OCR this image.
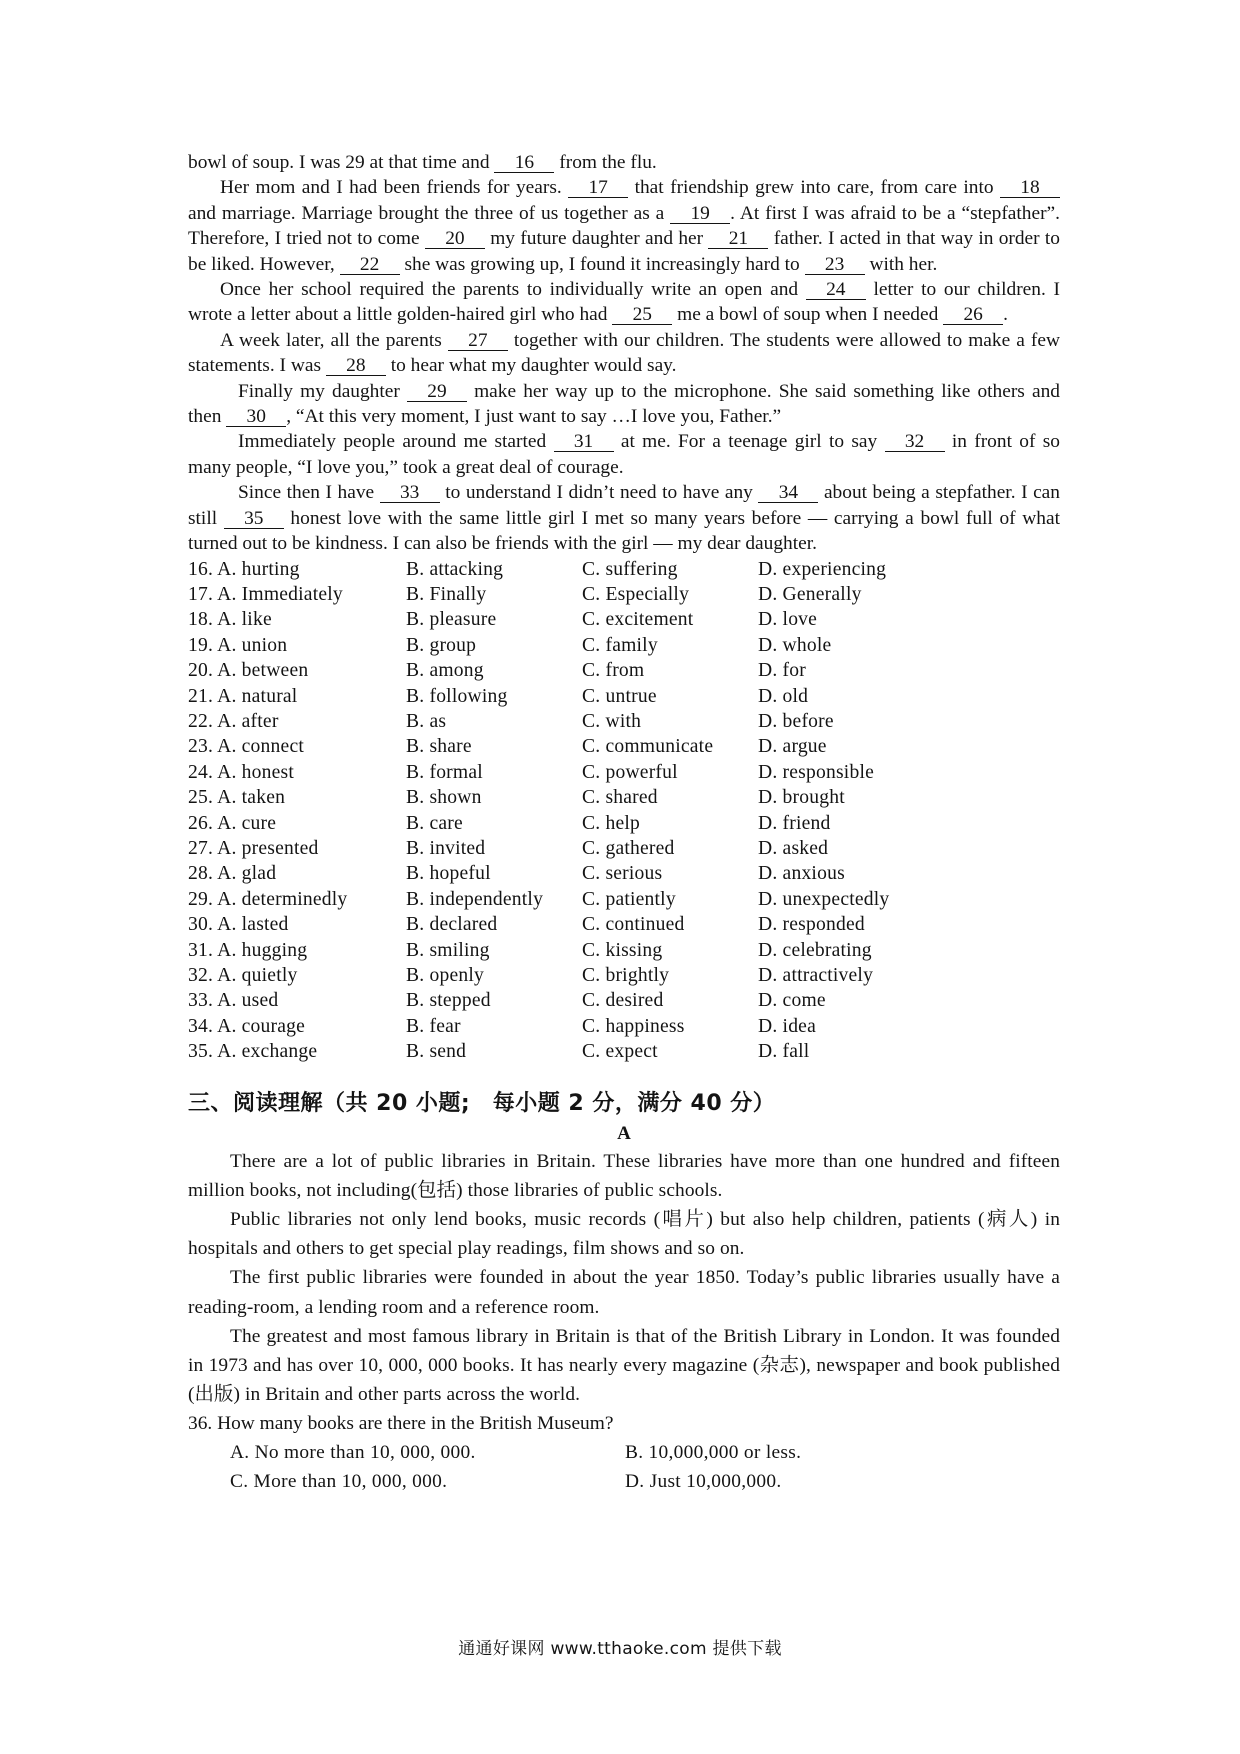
bowl of soup. I was 29 at that time and 16 from the flu.

Her mom and I had been friends for years. 17 that friendship grew into care, from care into 18 and marriage. Marriage brought the three of us together as a 19 . At first I was afraid to be a “stepfather”. Therefore, I tried not to come 20 my future daughter and her 21 father. I acted in that way in order to be liked. However, 22 she was growing up, I found it increasingly hard to 23 with her.

Once her school required the parents to individually write an open and 24 letter to our children. I wrote a letter about a little golden-haired girl who had 25 me a bowl of soup when I needed 26 .

A week later, all the parents 27 together with our children. The students were allowed to make a few statements. I was 28 to hear what my daughter would say.

Finally my daughter 29 make her way up to the microphone. She said something like others and then 30 , “At this very moment, I just want to say …I love you, Father.”

Immediately people around me started 31 at me. For a teenage girl to say 32 in front of so many people, “I love you,” took a great deal of courage.

Since then I have 33 to understand I didn’t need to have any 34 about being a stepfather. I can still 35 honest love with the same little girl I met so many years before — carrying a bowl full of what turned out to be kindness. I can also be friends with the girl — my dear daughter.

16. A. hurting	B. attacking	C. suffering	D. experiencing
17. A. Immediately	B. Finally	C. Especially	D. Generally
18. A. like	B. pleasure	C. excitement	D. love
19. A. union	B. group	C. family	D. whole
20. A. between	B. among	C. from	D. for
21. A. natural	B. following	C. untrue	D. old
22. A. after	B. as	C. with	D. before
23. A. connect	B. share	C. communicate	D. argue
24. A. honest	B. formal	C. powerful	D. responsible
25. A. taken	B. shown	C. shared	D. brought
26. A. cure	B. care	C. help	D. friend
27. A. presented	B. invited	C. gathered	D. asked
28. A. glad	B. hopeful	C. serious	D. anxious
29. A. determinedly	B. independently	C. patiently	D. unexpectedly
30. A. lasted	B. declared	C. continued	D. responded
31. A. hugging	B. smiling	C. kissing	D. celebrating
32. A. quietly	B. openly	C. brightly	D. attractively
33. A. used	B. stepped	C. desired	D. come
34. A. courage	B. fear	C. happiness	D. idea
35. A. exchange	B. send	C. expect	D. fall
三、阅读理解（共 20 小题;　每小题 2 分，满分 40 分）
A

There are a lot of public libraries in Britain. These libraries have more than one hundred and fifteen million books, not including(包括) those libraries of public schools.

Public libraries not only lend books, music records (唱片) but also help children, patients (病人) in hospitals and others to get special play readings, film shows and so on.

The first public libraries were founded in about the year 1850. Today’s public libraries usually have a reading-room, a lending room and a reference room.

The greatest and most famous library in Britain is that of the British Library in London. It was founded in 1973 and has over 10, 000, 000 books. It has nearly every magazine (杂志), newspaper and book published (出版) in Britain and other parts across the world.

36. How many books are there in the British Museum?

A. No more than 10, 000, 000.	B. 10,000,000 or less.
C. More than 10, 000, 000.	D. Just 10,000,000.
通通好课网 www.tthaoke.com 提供下载
